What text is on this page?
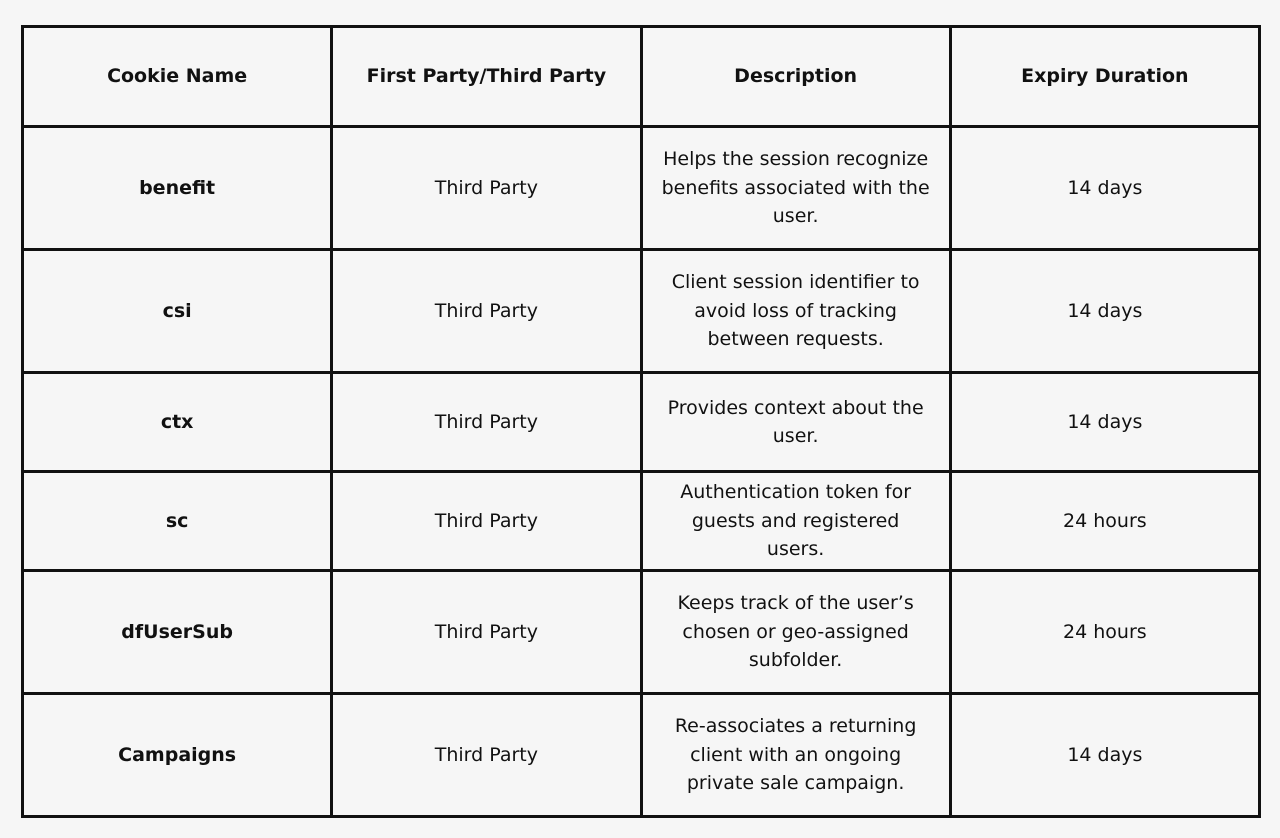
Cookie Name	First Party/Third Party	Description	Expiry Duration
benefit	Third Party	Helps the session recognize benefits associated with the user.	14 days
csi	Third Party	Client session identifier to avoid loss of tracking between requests.	14 days
ctx	Third Party	Provides context about the user.	14 days
sc	Third Party	Authentication token for guests and registered users.	24 hours
dfUserSub	Third Party	Keeps track of the user’s chosen or geo-assigned subfolder.	24 hours
Campaigns	Third Party	Re-associates a returning client with an ongoing private sale campaign.	14 days
